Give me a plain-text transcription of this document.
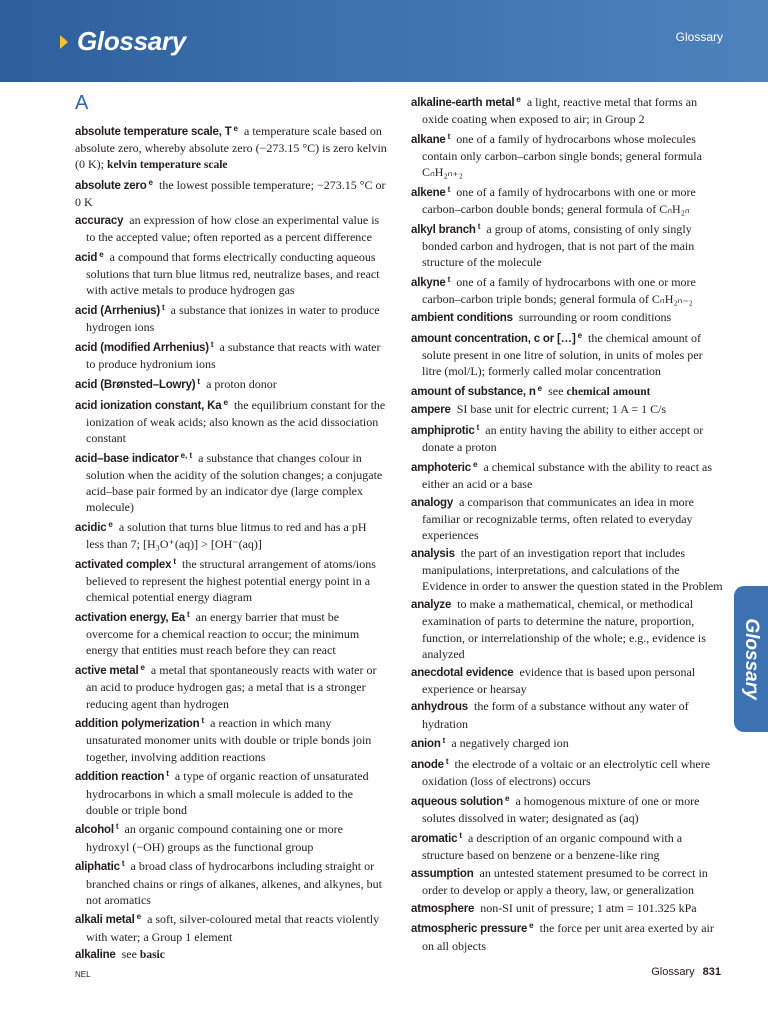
Glossary	Glossary
A
absolute temperature scale, T $^e$  a temperature scale based on absolute zero, whereby absolute zero (−273.15 °C) is zero kelvin (0 K); kelvin temperature scale
absolute zero $^e$  the lowest possible temperature; −273.15 °C or 0 K
accuracy  an expression of how close an experimental value is to the accepted value; often reported as a percent difference
acid $^e$  a compound that forms electrically conducting aqueous solutions that turn blue litmus red, neutralize bases, and react with active metals to produce hydrogen gas
acid (Arrhenius) $^t$  a substance that ionizes in water to produce hydrogen ions
acid (modified Arrhenius) $^t$  a substance that reacts with water to produce hydronium ions
acid (Brønsted–Lowry) $^t$  a proton donor
acid ionization constant, Ka $^e$  the equilibrium constant for the ionization of weak acids; also known as the acid dissociation constant
acid–base indicator $^{e, t}$  a substance that changes colour in solution when the acidity of the solution changes; a conjugate acid–base pair formed by an indicator dye (large complex molecule)
acidic $^e$  a solution that turns blue litmus to red and has a pH less than 7; [H₃O⁺(aq)] > [OH⁻(aq)]
activated complex $^t$  the structural arrangement of atoms/ions believed to represent the highest potential energy point in a chemical potential energy diagram
activation energy, Ea $^t$  an energy barrier that must be overcome for a chemical reaction to occur; the minimum energy that entities must reach before they can react
active metal $^e$  a metal that spontaneously reacts with water or an acid to produce hydrogen gas; a metal that is a stronger reducing agent than hydrogen
addition polymerization $^t$  a reaction in which many unsaturated monomer units with double or triple bonds join together, involving addition reactions
addition reaction $^t$  a type of organic reaction of unsaturated hydrocarbons in which a small molecule is added to the double or triple bond
alcohol $^t$  an organic compound containing one or more hydroxyl (−OH) groups as the functional group
aliphatic $^t$  a broad class of hydrocarbons including straight or branched chains or rings of alkanes, alkenes, and alkynes, but not aromatics
alkali metal $^e$  a soft, silver-coloured metal that reacts violently with water; a Group 1 element
alkaline  see basic
alkaline-earth metal $^e$  a light, reactive metal that forms an oxide coating when exposed to air; in Group 2
alkane $^t$  one of a family of hydrocarbons whose molecules contain only carbon–carbon single bonds; general formula CₙH₂ₙ₊₂
alkene $^t$  one of a family of hydrocarbons with one or more carbon–carbon double bonds; general formula of CₙH₂ₙ
alkyl branch $^t$  a group of atoms, consisting of only singly bonded carbon and hydrogen, that is not part of the main structure of the molecule
alkyne $^t$  one of a family of hydrocarbons with one or more carbon–carbon triple bonds; general formula of CₙH₂ₙ₋₂
ambient conditions  surrounding or room conditions
amount concentration, c or […] $^e$  the chemical amount of solute present in one litre of solution, in units of moles per litre (mol/L); formerly called molar concentration
amount of substance, n $^e$  see chemical amount
ampere  SI base unit for electric current; 1 A = 1 C/s
amphiprotic $^t$  an entity having the ability to either accept or donate a proton
amphoteric $^e$  a chemical substance with the ability to react as either an acid or a base
analogy  a comparison that communicates an idea in more familiar or recognizable terms, often related to everyday experiences
analysis  the part of an investigation report that includes manipulations, interpretations, and calculations of the Evidence in order to answer the question stated in the Problem
analyze  to make a mathematical, chemical, or methodical examination of parts to determine the nature, proportion, function, or interrelationship of the whole; e.g., evidence is analyzed
anecdotal evidence  evidence that is based upon personal experience or hearsay
anhydrous  the form of a substance without any water of hydration
anion $^t$  a negatively charged ion
anode $^t$  the electrode of a voltaic or an electrolytic cell where oxidation (loss of electrons) occurs
aqueous solution $^e$  a homogenous mixture of one or more solutes dissolved in water; designated as (aq)
aromatic $^t$  a description of an organic compound with a structure based on benzene or a benzene-like ring
assumption  an untested statement presumed to be correct in order to develop or apply a theory, law, or generalization
atmosphere  non-SI unit of pressure; 1 atm = 101.325 kPa
atmospheric pressure $^e$  the force per unit area exerted by air on all objects
Glossary
NEL	Glossary 831
